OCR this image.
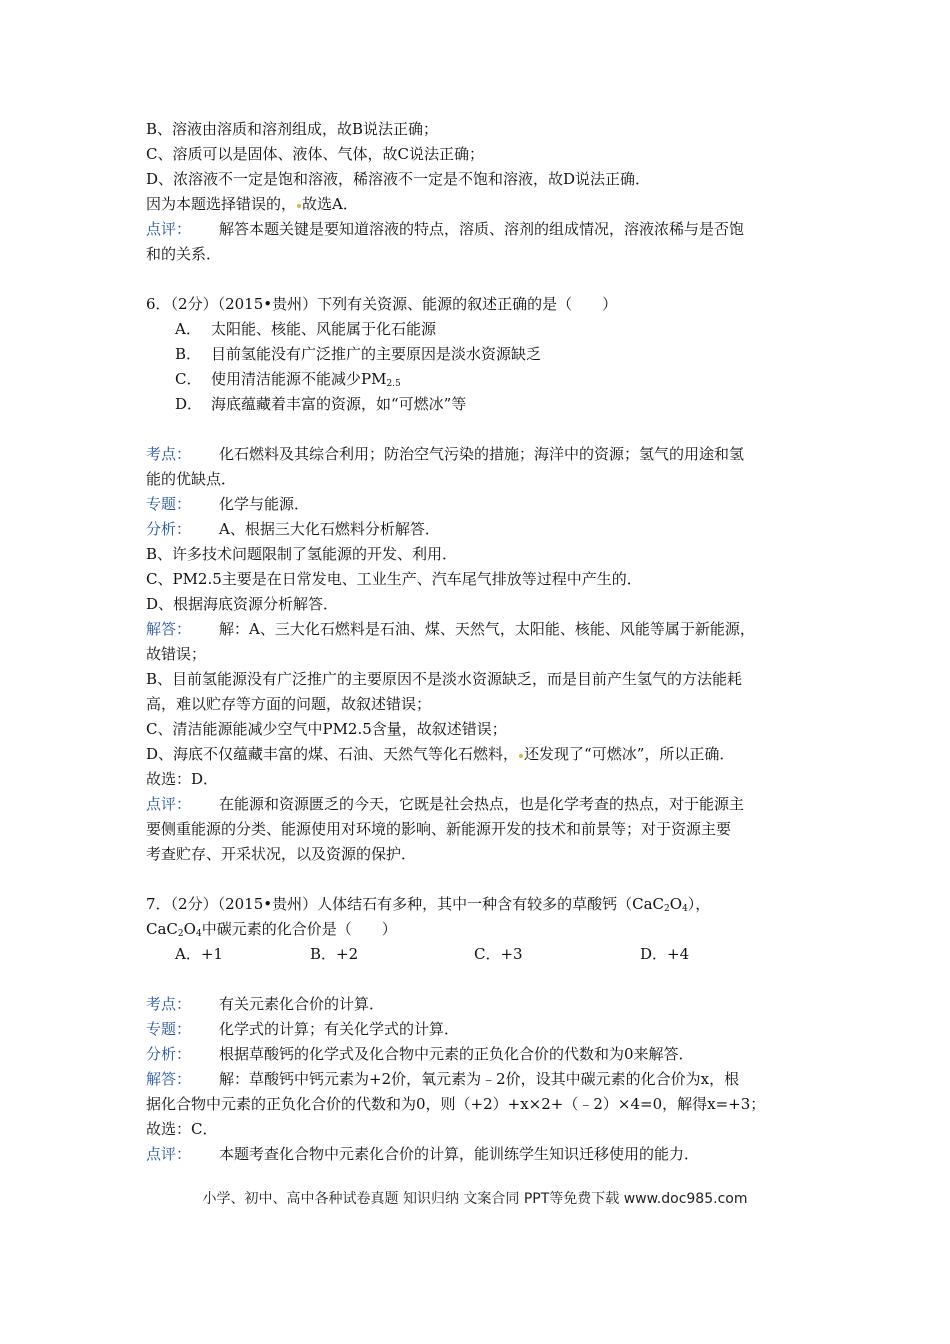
B、溶液由溶质和溶剂组成，故B说法正确；
C、溶质可以是固体、液体、气体，故C说法正确；
D、浓溶液不一定是饱和溶液，稀溶液不一定是不饱和溶液，故D说法正确．
因为本题选择错误的， 故选A．
点评： 解答本题关键是要知道溶液的特点，溶质、溶剂的组成情况，溶液浓稀与是否饱
和的关系．
6．（2分）（2015•贵州）下列有关资源、能源的叙述正确的是（　　）
A． 太阳能、核能、风能属于化石能源
B． 目前氢能没有广泛推广的主要原因是淡水资源缺乏
C． 使用清洁能源不能减少$PM_{2.5}$
D． 海底蕴藏着丰富的资源，如“可燃冰”等
考点： 化石燃料及其综合利用；防治空气污染的措施；海洋中的资源；氢气的用途和氢
能的优缺点．
专题： 化学与能源．
分析： A、根据三大化石燃料分析解答．
B、许多技术问题限制了氢能源的开发、利用．
C、PM2.5主要是在日常发电、工业生产、汽车尾气排放等过程中产生的．
D、根据海底资源分析解答．
解答： 解：A、三大化石燃料是石油、煤、天然气，太阳能、核能、风能等属于新能源，
故错误；
B、目前氢能源没有广泛推广的主要原因不是淡水资源缺乏，而是目前产生氢气的方法能耗
高，难以贮存等方面的问题，故叙述错误；
C、清洁能源能减少空气中PM2.5含量，故叙述错误；
D、海底不仅蕴藏丰富的煤、石油、天然气等化石燃料， 还发现了“可燃冰”，所以正确．
故选：D．
点评： 在能源和资源匮乏的今天，它既是社会热点，也是化学考查的热点，对于能源主
要侧重能源的分类、能源使用对环境的影响、新能源开发的技术和前景等；对于资源主要
考查贮存、开采状况，以及资源的保护．
7．（2分）（2015•贵州）人体结石有多种，其中一种含有较多的草酸钙$(CaC_2O_4)$，
$CaC_2O_4$中碳元素的化合价是（　　）
A．+1	B．+2	C．+3	D．+4
考点： 有关元素化合价的计算．
专题： 化学式的计算；有关化学式的计算．
分析： 根据草酸钙的化学式及化合物中元素的正负化合价的代数和为0来解答．
解答： 解：草酸钙中钙元素为+2价，氧元素为﹣2价，设其中碳元素的化合价为x，根
据化合物中元素的正负化合价的代数和为0，则（+2）+x×2+（﹣2）×4=0，解得x=+3；
故选：C．
点评： 本题考查化合物中元素化合价的计算，能训练学生知识迁移使用的能力．
小学、初中、高中各种试卷真题 知识归纳 文案合同 PPT等免费下载 www.doc985.com
